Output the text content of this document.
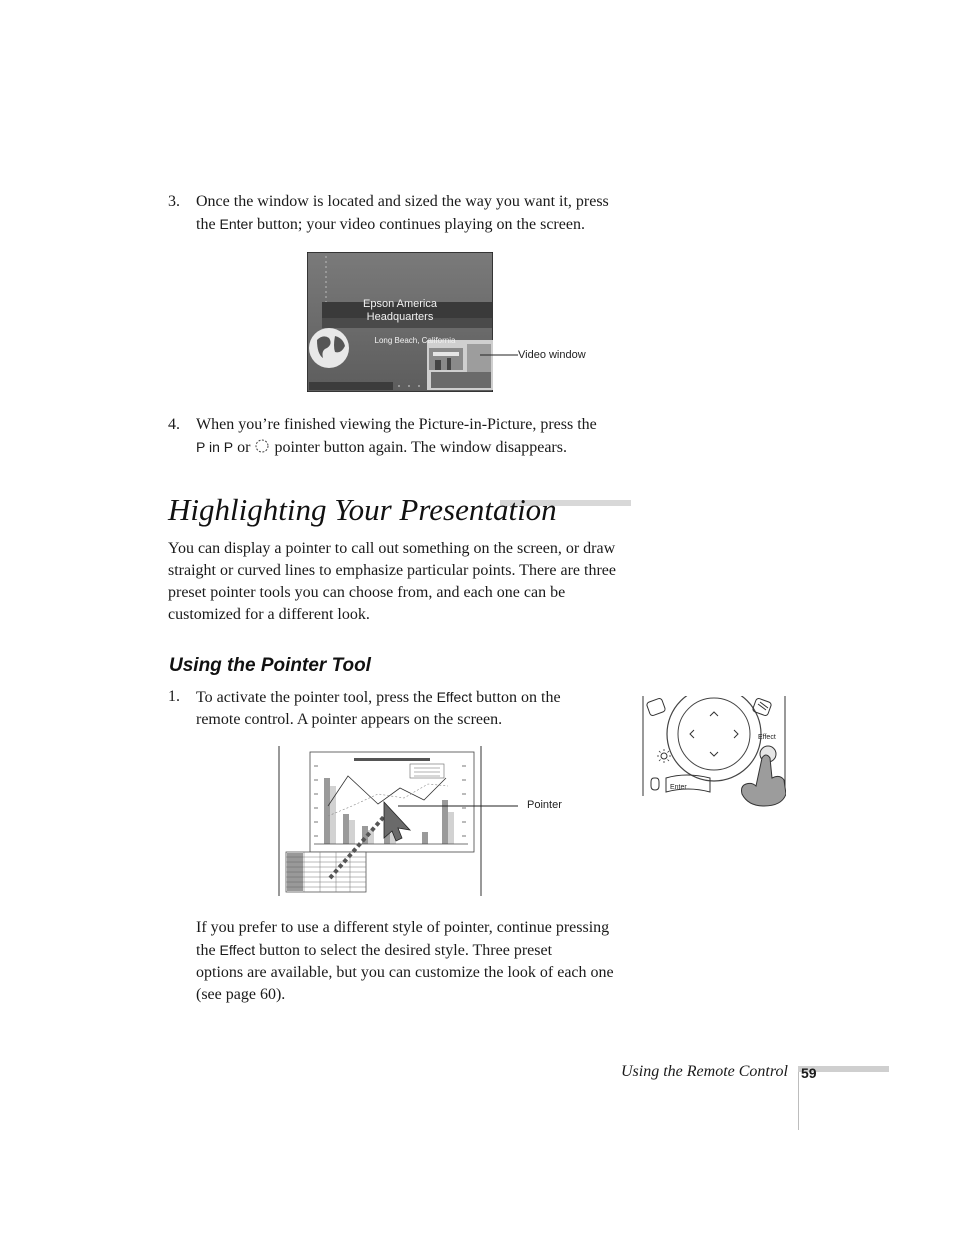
3. Once the window is located and sized the way you want it, press
the Enter button; your video continues playing on the screen.
Epson America
Headquarters
Long Beach, California
Video window
4. When you’re finished viewing the Picture-in-Picture, press the
P in P or  pointer button again. The window disappears.
Highlighting Your Presentation
You can display a pointer to call out something on the screen, or draw
straight or curved lines to emphasize particular points. There are three
preset pointer tools you can choose from, and each one can be
customized for a different look.
Using the Pointer Tool
1. To activate the pointer tool, press the Effect button on the
remote control. A pointer appears on the screen.
Effect
Enter
Pointer
If you prefer to use a different style of pointer, continue pressing
the Effect button to select the desired style. Three preset
options are available, but you can customize the look of each one
(see page 60).
Using the Remote Control 59
